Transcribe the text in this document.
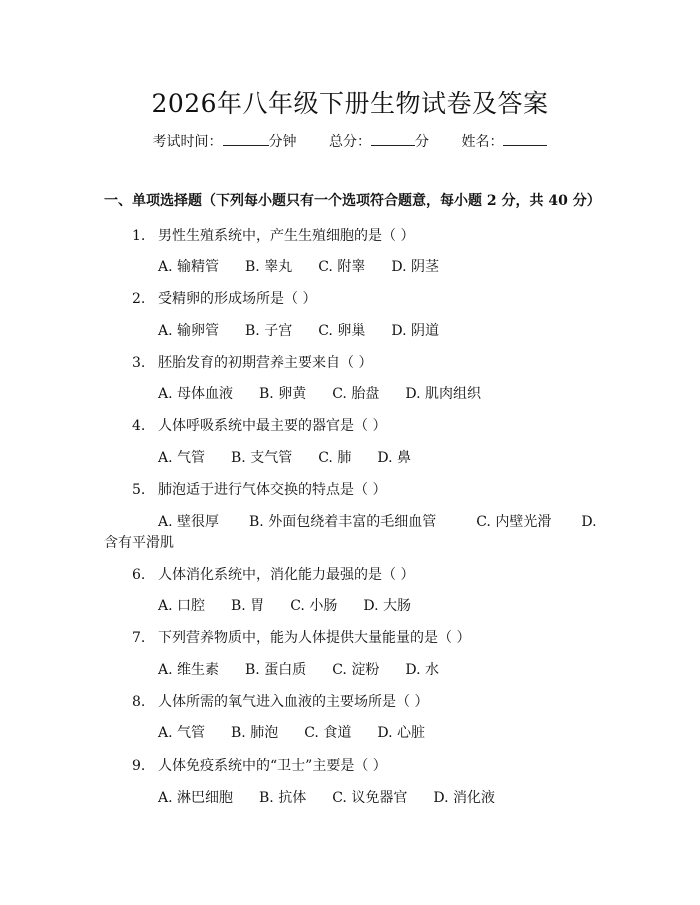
2026年八年级下册生物试卷及答案
考试时间：	分钟 总分：	分 姓名：
一、单项选择题（下列每小题只有一个选项符合题意，每小题 2 分，共 40 分）
1. 男性生殖系统中，产生生殖细胞的是（ ）
A. 输精管 B. 睾丸 C. 附睾 D. 阴茎
2. 受精卵的形成场所是（ ）
A. 输卵管 B. 子宫 C. 卵巢 D. 阴道
3. 胚胎发育的初期营养主要来自（ ）
A. 母体血液 B. 卵黄 C. 胎盘 D. 肌肉组织
4. 人体呼吸系统中最主要的器官是（ ）
A. 气管 B. 支气管 C. 肺 D. 鼻
5. 肺泡适于进行气体交换的特点是（ ）
A. 壁很厚 B. 外面包绕着丰富的毛细血管	C. 内壁光滑 D.
含有平滑肌
6. 人体消化系统中，消化能力最强的是（ ）
A. 口腔 B. 胃 C. 小肠 D. 大肠
7. 下列营养物质中，能为人体提供大量能量的是（ ）
A. 维生素 B. 蛋白质 C. 淀粉 D. 水
8. 人体所需的氧气进入血液的主要场所是（ ）
A. 气管 B. 肺泡 C. 食道 D. 心脏
9. 人体免疫系统中的“卫士”主要是（ ）
A. 淋巴细胞 B. 抗体 C. 议免器官 D. 消化液
